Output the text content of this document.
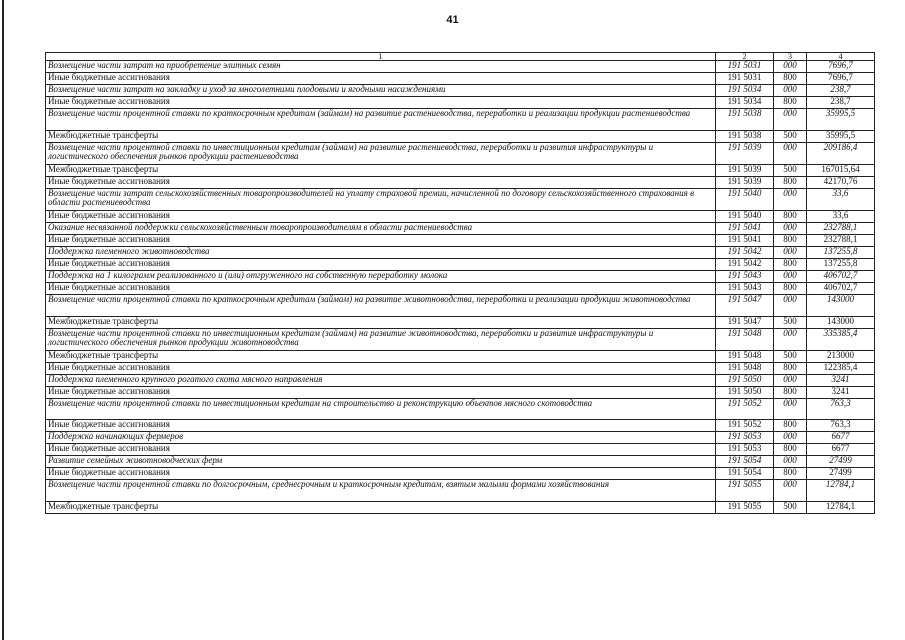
41
1	2	3	4
Возмещение части затрат на приобретение элитных семян	191 5031	000	7696,7
Иные бюджетные ассигнования	191 5031	800	7696,7
Возмещение части затрат на закладку и уход за многолетними плодовыми и ягодными насаждениями	191 5034	000	238,7
Иные бюджетные ассигнования	191 5034	800	238,7
Возмещение части процентной ставки по краткосрочным кредитам (займам) на развитие растениеводства, переработки и реализации продукции растениеводства	191 5038	000	35995,5
Межбюджетные трансферты	191 5038	500	35995,5
Возмещение части процентной ставки по инвестиционным кредитам (займам) на развитие растениеводства, переработки и развития инфраструктуры и логистического обеспечения рынков продукции растениеводства	191 5039	000	209186,4
Межбюджетные трансферты	191 5039	500	167015,64
Иные бюджетные ассигнования	191 5039	800	42170,76
Возмещение части затрат сельскохозяйственных товаропроизводителей на уплату страховой премии, начисленной по договору сельскохозяйственного страхования в области растениеводства	191 5040	000	33,6
Иные бюджетные ассигнования	191 5040	800	33,6
Оказание несвязанной поддержки сельскохозяйственным товаропроизводителям в области растениеводства	191 5041	000	232788,1
Иные бюджетные ассигнования	191 5041	800	232788,1
Поддержка племенного животноводства	191 5042	000	137255,8
Иные бюджетные ассигнования	191 5042	800	137255,8
Поддержка на 1 килограмм реализованного и (или) отгруженного на собственную переработку молока	191 5043	000	406702,7
Иные бюджетные ассигнования	191 5043	800	406702,7
Возмещение части процентной ставки по краткосрочным кредитам (займам) на развитие животноводства, переработки и реализации продукции животноводства	191 5047	000	143000
Межбюджетные трансферты	191 5047	500	143000
Возмещение части процентной ставки по инвестиционным кредитам (займам) на развитие животноводства, переработки и развития инфраструктуры и логистического обеспечения рынков продукции животноводства	191 5048	000	335385,4
Межбюджетные трансферты	191 5048	500	213000
Иные бюджетные ассигнования	191 5048	800	122385,4
Поддержка племенного крупного рогатого скота мясного направления	191 5050	000	3241
Иные бюджетные ассигнования	191 5050	800	3241
Возмещение части процентной ставки по инвестиционным кредитам на строительство и реконструкцию объектов мясного скотоводства	191 5052	000	763,3
Иные бюджетные ассигнования	191 5052	800	763,3
Поддержка начинающих фермеров	191 5053	000	6677
Иные бюджетные ассигнования	191 5053	800	6677
Развитие семейных животноводческих ферм	191 5054	000	27499
Иные бюджетные ассигнования	191 5054	800	27499
Возмещение части процентной ставки по долгосрочным, среднесрочным и краткосрочным кредитам, взятым малыми формами хозяйствования	191 5055	000	12784,1
Межбюджетные трансферты	191 5055	500	12784,1
